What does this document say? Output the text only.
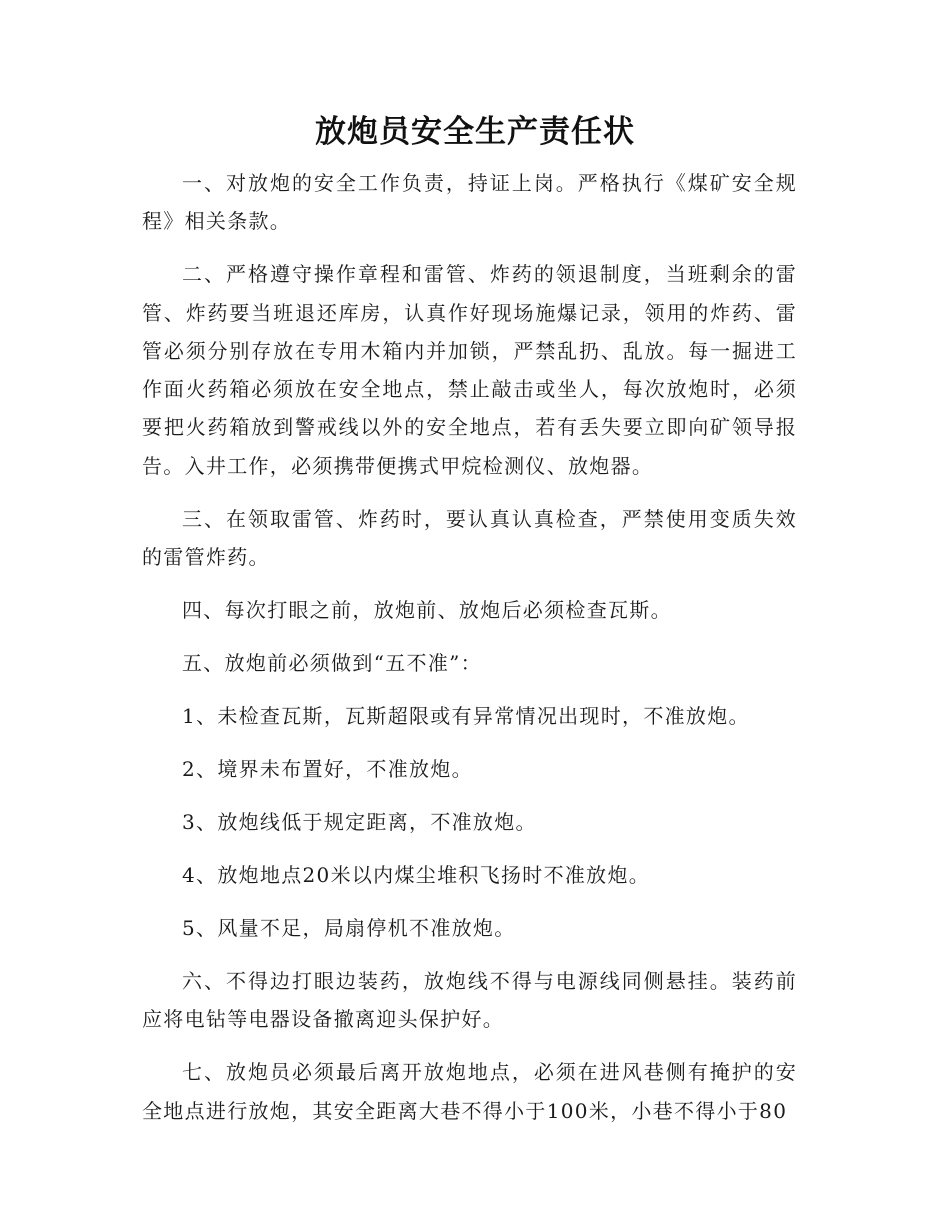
放炮员安全生产责任状

一、对放炮的安全工作负责，持证上岗。严格执行《煤矿安全规程》相关条款。

二、严格遵守操作章程和雷管、炸药的领退制度，当班剩余的雷管、炸药要当班退还库房，认真作好现场施爆记录，领用的炸药、雷管必须分别存放在专用木箱内并加锁，严禁乱扔、乱放。每一掘进工作面火药箱必须放在安全地点，禁止敲击或坐人，每次放炮时，必须要把火药箱放到警戒线以外的安全地点，若有丢失要立即向矿领导报告。入井工作，必须携带便携式甲烷检测仪、放炮器。

三、在领取雷管、炸药时，要认真认真检查，严禁使用变质失效的雷管炸药。

四、每次打眼之前，放炮前、放炮后必须检查瓦斯。

五、放炮前必须做到“五不准”：

1、未检查瓦斯，瓦斯超限或有异常情况出现时，不准放炮。

2、境界未布置好，不准放炮。

3、放炮线低于规定距离，不准放炮。

4、放炮地点20米以内煤尘堆积飞扬时不准放炮。

5、风量不足，局扇停机不准放炮。

六、不得边打眼边装药，放炮线不得与电源线同侧悬挂。装药前应将电钻等电器设备撤离迎头保护好。

七、放炮员必须最后离开放炮地点，必须在进风巷侧有掩护的安全地点进行放炮，其安全距离大巷不得小于100米，小巷不得小于80
